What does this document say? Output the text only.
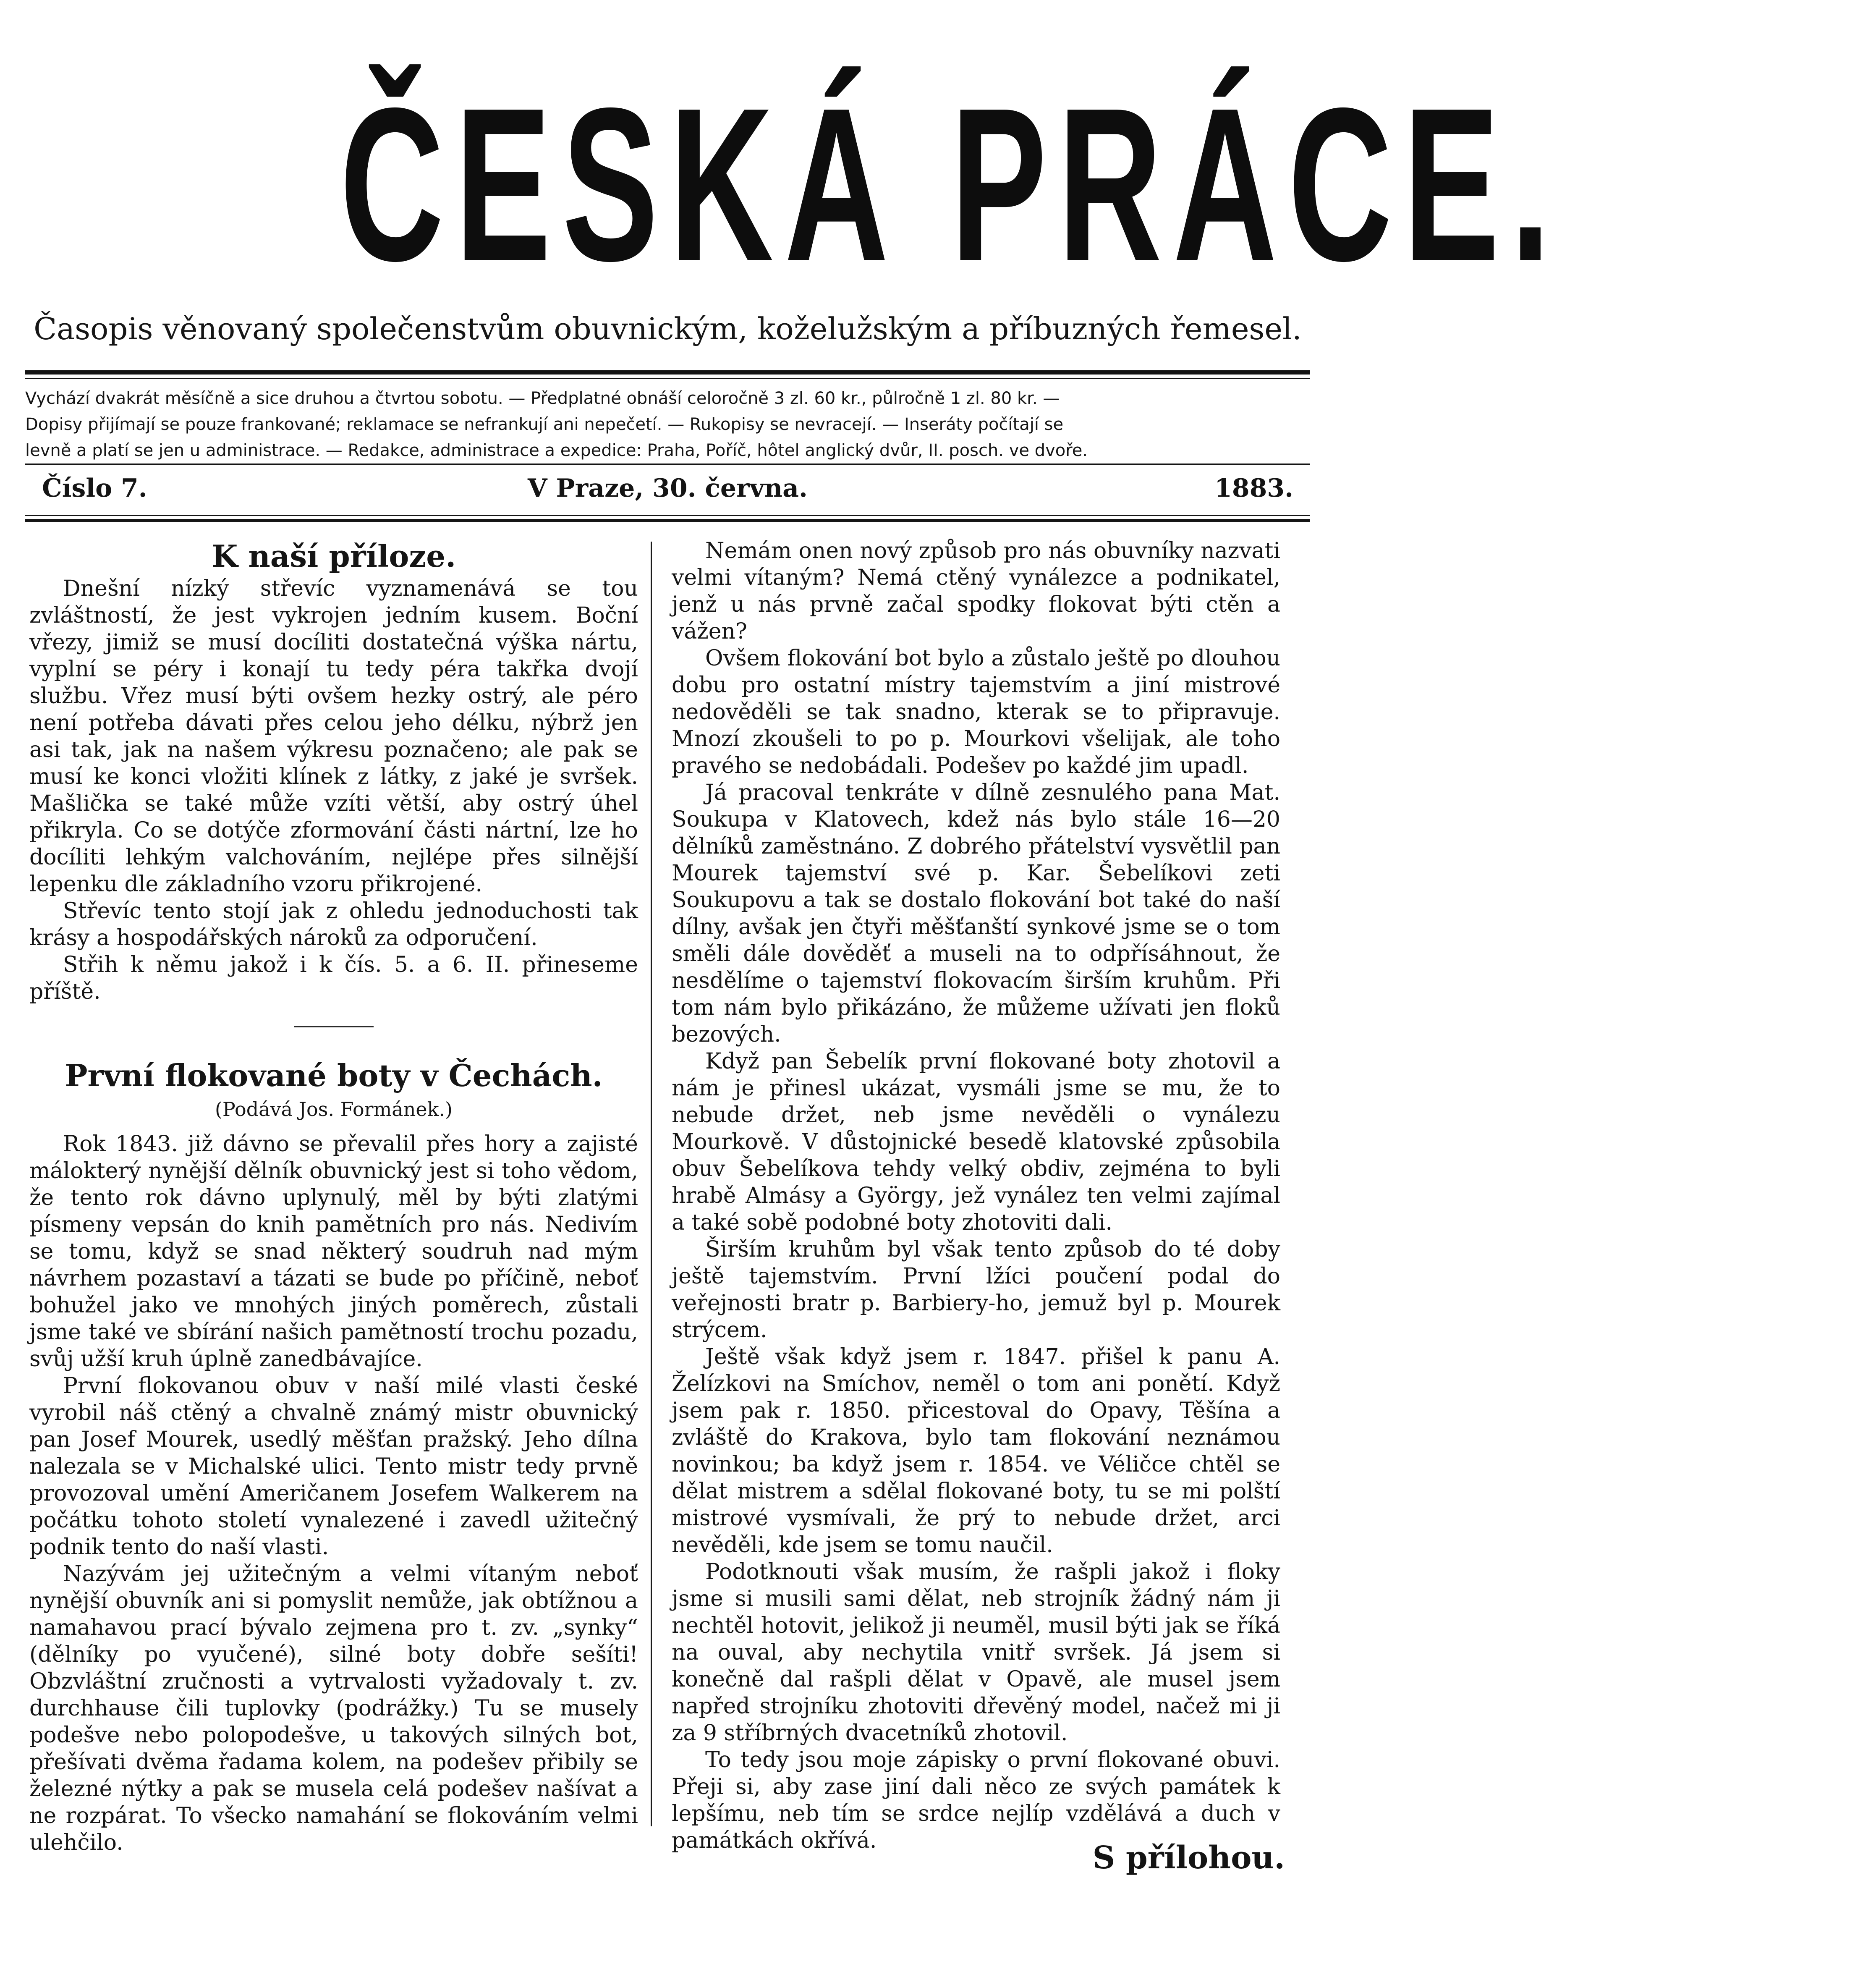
ČESKÁ PRÁCE.
Časopis věnovaný společenstvům obuvnickým, koželužským a příbuzných řemesel.

Vychází dvakrát měsíčně a sice druhou a čtvrtou sobotu. — Předplatné obnáší celoročně 3 zl. 60 kr., půlročně 1 zl. 80 kr. —

Dopisy přijímají se pouze frankované; reklamace se nefrankují ani nepečetí. — Rukopisy se nevracejí. — Inseráty počítají se

levně a platí se jen u administrace. — Redakce, administrace a expedice: Praha, Poříč, hôtel anglický dvůr, II. posch. ve dvoře.

V Praze, 30. června.
Číslo 7.	1883.
K naší příloze.

Dnešní nízký střevíc vyznamenává se tou zvláštností, že jest vykrojen jedním kusem. Boční vřezy, jimiž se musí docíliti dostatečná výška nártu, vyplní se péry i konají tu tedy péra takřka dvojí službu. Vřez musí býti ovšem hezky ostrý, ale péro není potřeba dávati přes celou jeho délku, nýbrž jen asi tak, jak na našem výkresu poznačeno; ale pak se musí ke konci vložiti klínek z látky, z jaké je svršek. Mašlička se také může vzíti větší, aby ostrý úhel přikryla. Co se dotýče zformování části nártní, lze ho docíliti lehkým valchováním, nejlépe přes silnější lepenku dle základního vzoru přikrojené.

Střevíc tento stojí jak z ohledu jednoduchosti tak krásy a hospodářských nároků za odporučení.

Střih k němu jakož i k čís. 5. a 6. II. přineseme příště.

První flokované boty v Čechách.
(Podává Jos. Formánek.)

Rok 1843. již dávno se převalil přes hory a zajisté málokterý nynější dělník obuvnický jest si toho vědom, že tento rok dávno uplynulý, měl by býti zlatými písmeny vepsán do knih pamětních pro nás. Nedivím se tomu, když se snad některý soudruh nad mým návrhem pozastaví a tázati se bude po příčině, neboť bohužel jako ve mnohých jiných poměrech, zůstali jsme také ve sbírání našich pamětností trochu pozadu, svůj užší kruh úplně zanedbávajíce.

První flokovanou obuv v naší milé vlasti české vyrobil náš ctěný a chvalně známý mistr obuvnický pan Josef Mourek, usedlý měšťan pražský. Jeho dílna nalezala se v Michalské ulici. Tento mistr tedy prvně provozoval umění Američanem Josefem Walkerem na počátku tohoto století vynalezené i zavedl užitečný podnik tento do naší vlasti.

Nazývám jej užitečným a velmi vítaným neboť nynější obuvník ani si pomyslit nemůže, jak obtížnou a namahavou prací bývalo zejmena pro t. zv. „synky“ (dělníky po vyučené), silné boty dobře sešíti! Obzvláštní zručnosti a vytrvalosti vyžadovaly t. zv. durchhause čili tuplovky (podrážky.) Tu se musely podešve nebo polopodešve, u takových silných bot, přešívati dvěma řadama kolem, na podešev přibily se železné nýtky a pak se musela celá podešev našívat a ne rozpárat. To všecko namahání se flokováním velmi ulehčilo.

Nemám onen nový způsob pro nás obuvníky nazvati velmi vítaným? Nemá ctěný vynálezce a podnikatel, jenž u nás prvně začal spodky flokovat býti ctěn a vážen?

Ovšem flokování bot bylo a zůstalo ještě po dlouhou dobu pro ostatní místry tajemstvím a jiní mistrové nedověděli se tak snadno, kterak se to připravuje. Mnozí zkoušeli to po p. Mourkovi všelijak, ale toho pravého se nedobádali. Podešev po každé jim upadl.

Já pracoval tenkráte v dílně zesnulého pana Mat. Soukupa v Klatovech, kdež nás bylo stále 16—20 dělníků zaměstnáno. Z dobrého přátelství vysvětlil pan Mourek tajemství své p. Kar. Šebelíkovi zeti Soukupovu a tak se dostalo flokování bot také do naší dílny, avšak jen čtyři měšťanští synkové jsme se o tom směli dále dověděť a museli na to odpřísáhnout, že nesdělíme o tajemství flokovacím širším kruhům. Při tom nám bylo přikázáno, že můžeme užívati jen floků bezových.

Když pan Šebelík první flokované boty zhotovil a nám je přinesl ukázat, vysmáli jsme se mu, že to nebude držet, neb jsme nevěděli o vynálezu Mourkově. V důstojnické besedě klatovské způsobila obuv Šebelíkova tehdy velký obdiv, zejména to byli hrabě Almásy a Györgу, jež vynález ten velmi zajímal a také sobě podobné boty zhotoviti dali.

Širším kruhům byl však tento způsob do té doby ještě tajemstvím. První lžíci poučení podal do veřejnosti bratr p. Barbiery-ho, jemuž byl p. Mourek strýcem.

Ještě však když jsem r. 1847. přišel k panu A. Želízkovi na Smíchov, neměl o tom ani ponětí. Když jsem pak r. 1850. přicestoval do Opavy, Těšína a zvláště do Krakova, bylo tam flokování neznámou novinkou; ba když jsem r. 1854. ve Véličce chtěl se dělat mistrem a sdělal flokované boty, tu se mi polští mistrové vysmívali, že prý to nebude držet, arci nevěděli, kde jsem se tomu naučil.

Podotknouti však musím, že rašpli jakož i floky jsme si musili sami dělat, neb strojník žádný nám ji nechtěl hotovit, jelikož ji neuměl, musil býti jak se říká na ouval, aby nechytila vnitř svršek. Já jsem si konečně dal rašpli dělat v Opavě, ale musel jsem napřed strojníku zhotoviti dřevěný model, načež mi ji za 9 stříbrných dvacetníků zhotovil.

To tedy jsou moje zápisky o první flokované obuvi. Přeji si, aby zase jiní dali něco ze svých památek k lepšímu, neb tím se srdce nejlíp vzdělává a duch v památkách okřívá.	S přílohou.
